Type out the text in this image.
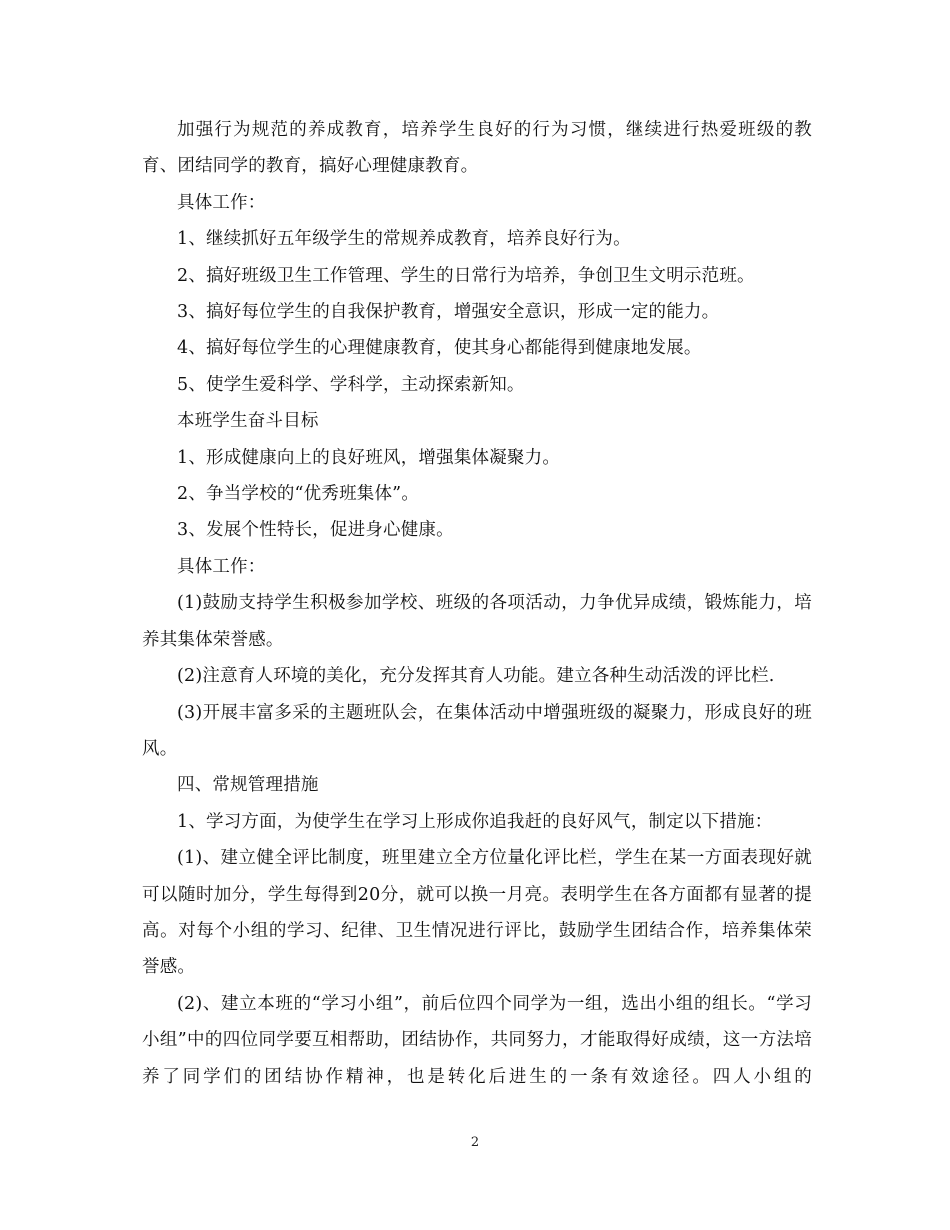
加强行为规范的养成教育，培养学生良好的行为习惯，继续进行热爱班级的教育、团结同学的教育，搞好心理健康教育。

具体工作：

1、继续抓好五年级学生的常规养成教育，培养良好行为。

2、搞好班级卫生工作管理、学生的日常行为培养，争创卫生文明示范班。

3、搞好每位学生的自我保护教育，增强安全意识，形成一定的能力。

4、搞好每位学生的心理健康教育，使其身心都能得到健康地发展。

5、使学生爱科学、学科学，主动探索新知。

本班学生奋斗目标

1、形成健康向上的良好班风，增强集体凝聚力。

2、争当学校的“优秀班集体”。

3、发展个性特长，促进身心健康。

具体工作：

(1)鼓励支持学生积极参加学校、班级的各项活动，力争优异成绩，锻炼能力，培养其集体荣誉感。

(2)注意育人环境的美化，充分发挥其育人功能。建立各种生动活泼的评比栏.

(3)开展丰富多采的主题班队会，在集体活动中增强班级的凝聚力，形成良好的班风。

四、常规管理措施

1、学习方面，为使学生在学习上形成你追我赶的良好风气，制定以下措施：

(1)、建立健全评比制度，班里建立全方位量化评比栏，学生在某一方面表现好就可以随时加分，学生每得到20分，就可以换一月亮。表明学生在各方面都有显著的提高。对每个小组的学习、纪律、卫生情况进行评比，鼓励学生团结合作，培养集体荣誉感。

(2)、建立本班的“学习小组”，前后位四个同学为一组，选出小组的组长。“学习小组”中的四位同学要互相帮助，团结协作，共同努力，才能取得好成绩，这一方法培养了同学们的团结协作精神，也是转化后进生的一条有效途径。四人小组的

2
